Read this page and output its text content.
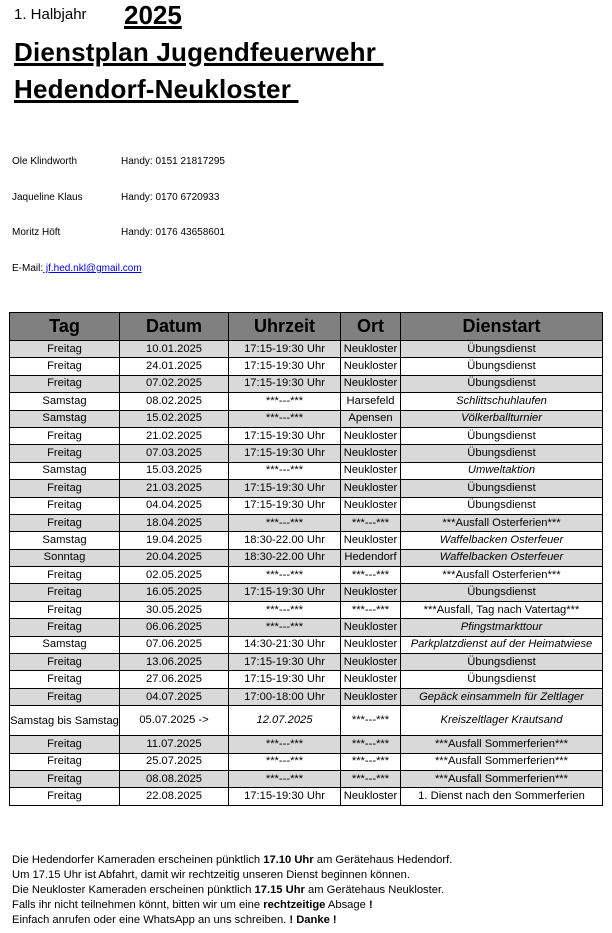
1. Halbjahr 2025
Dienstplan Jugendfeuerwehr
Hedendorf-Neukloster
Ole Klindworth	Handy: 0151 21817295
Jaqueline Klaus	Handy: 0170 6720933
Moritz Höft	Handy: 0176 43658601
E-Mail: jf.hed.nkl@gmail.com
Tag	Datum	Uhrzeit	Ort	Dienstart
Freitag	10.01.2025	17:15-19:30 Uhr	Neukloster	Übungsdienst
Freitag	24.01.2025	17:15-19:30 Uhr	Neukloster	Übungsdienst
Freitag	07.02.2025	17:15-19:30 Uhr	Neukloster	Übungsdienst
Samstag	08.02.2025	***---***	Harsefeld	Schlittschuhlaufen
Samstag	15.02.2025	***---***	Apensen	Völkerballturnier
Freitag	21.02.2025	17:15-19:30 Uhr	Neukloster	Übungsdienst
Freitag	07.03.2025	17:15-19:30 Uhr	Neukloster	Übungsdienst
Samstag	15.03.2025	***---***	Neukloster	Umweltaktion
Freitag	21.03.2025	17:15-19:30 Uhr	Neukloster	Übungsdienst
Freitag	04.04.2025	17:15-19:30 Uhr	Neukloster	Übungsdienst
Freitag	18.04.2025	***---***	***---***	***Ausfall Osterferien***
Samstag	19.04.2025	18:30-22.00 Uhr	Neukloster	Waffelbacken Osterfeuer
Sonntag	20.04.2025	18:30-22.00 Uhr	Hedendorf	Waffelbacken Osterfeuer
Freitag	02.05.2025	***---***	***---***	***Ausfall Osterferien***
Freitag	16.05.2025	17:15-19:30 Uhr	Neukloster	Übungsdienst
Freitag	30.05.2025	***---***	***---***	***Ausfall, Tag nach Vatertag***
Freitag	06.06.2025	***---***	Neukloster	Pfingstmarkttour
Samstag	07.06.2025	14:30-21:30 Uhr	Neukloster	Parkplatzdienst auf der Heimatwiese
Freitag	13.06.2025	17:15-19:30 Uhr	Neukloster	Übungsdienst
Freitag	27.06.2025	17:15-19:30 Uhr	Neukloster	Übungsdienst
Freitag	04.07.2025	17:00-18:00 Uhr	Neukloster	Gepäck einsammeln für Zeltlager
Samstag bis Samstag	05.07.2025 ->	12.07.2025	***---***	Kreiszeltlager Krautsand
Freitag	11.07.2025	***---***	***---***	***Ausfall Sommerferien***
Freitag	25.07.2025	***---***	***---***	***Ausfall Sommerferien***
Freitag	08.08.2025	***---***	***---***	***Ausfall Sommerferien***
Freitag	22.08.2025	17:15-19:30 Uhr	Neukloster	1. Dienst nach den Sommerferien
Die Hedendorfer Kameraden erscheinen pünktlich 17.10 Uhr am Gerätehaus Hedendorf.
Um 17.15 Uhr ist Abfahrt, damit wir rechtzeitig unseren Dienst beginnen können.
Die Neukloster Kameraden erscheinen pünktlich 17.15 Uhr am Gerätehaus Neukloster.
Falls ihr nicht teilnehmen könnt, bitten wir um eine rechtzeitige Absage !
Einfach anrufen oder eine WhatsApp an uns schreiben. ! Danke !
